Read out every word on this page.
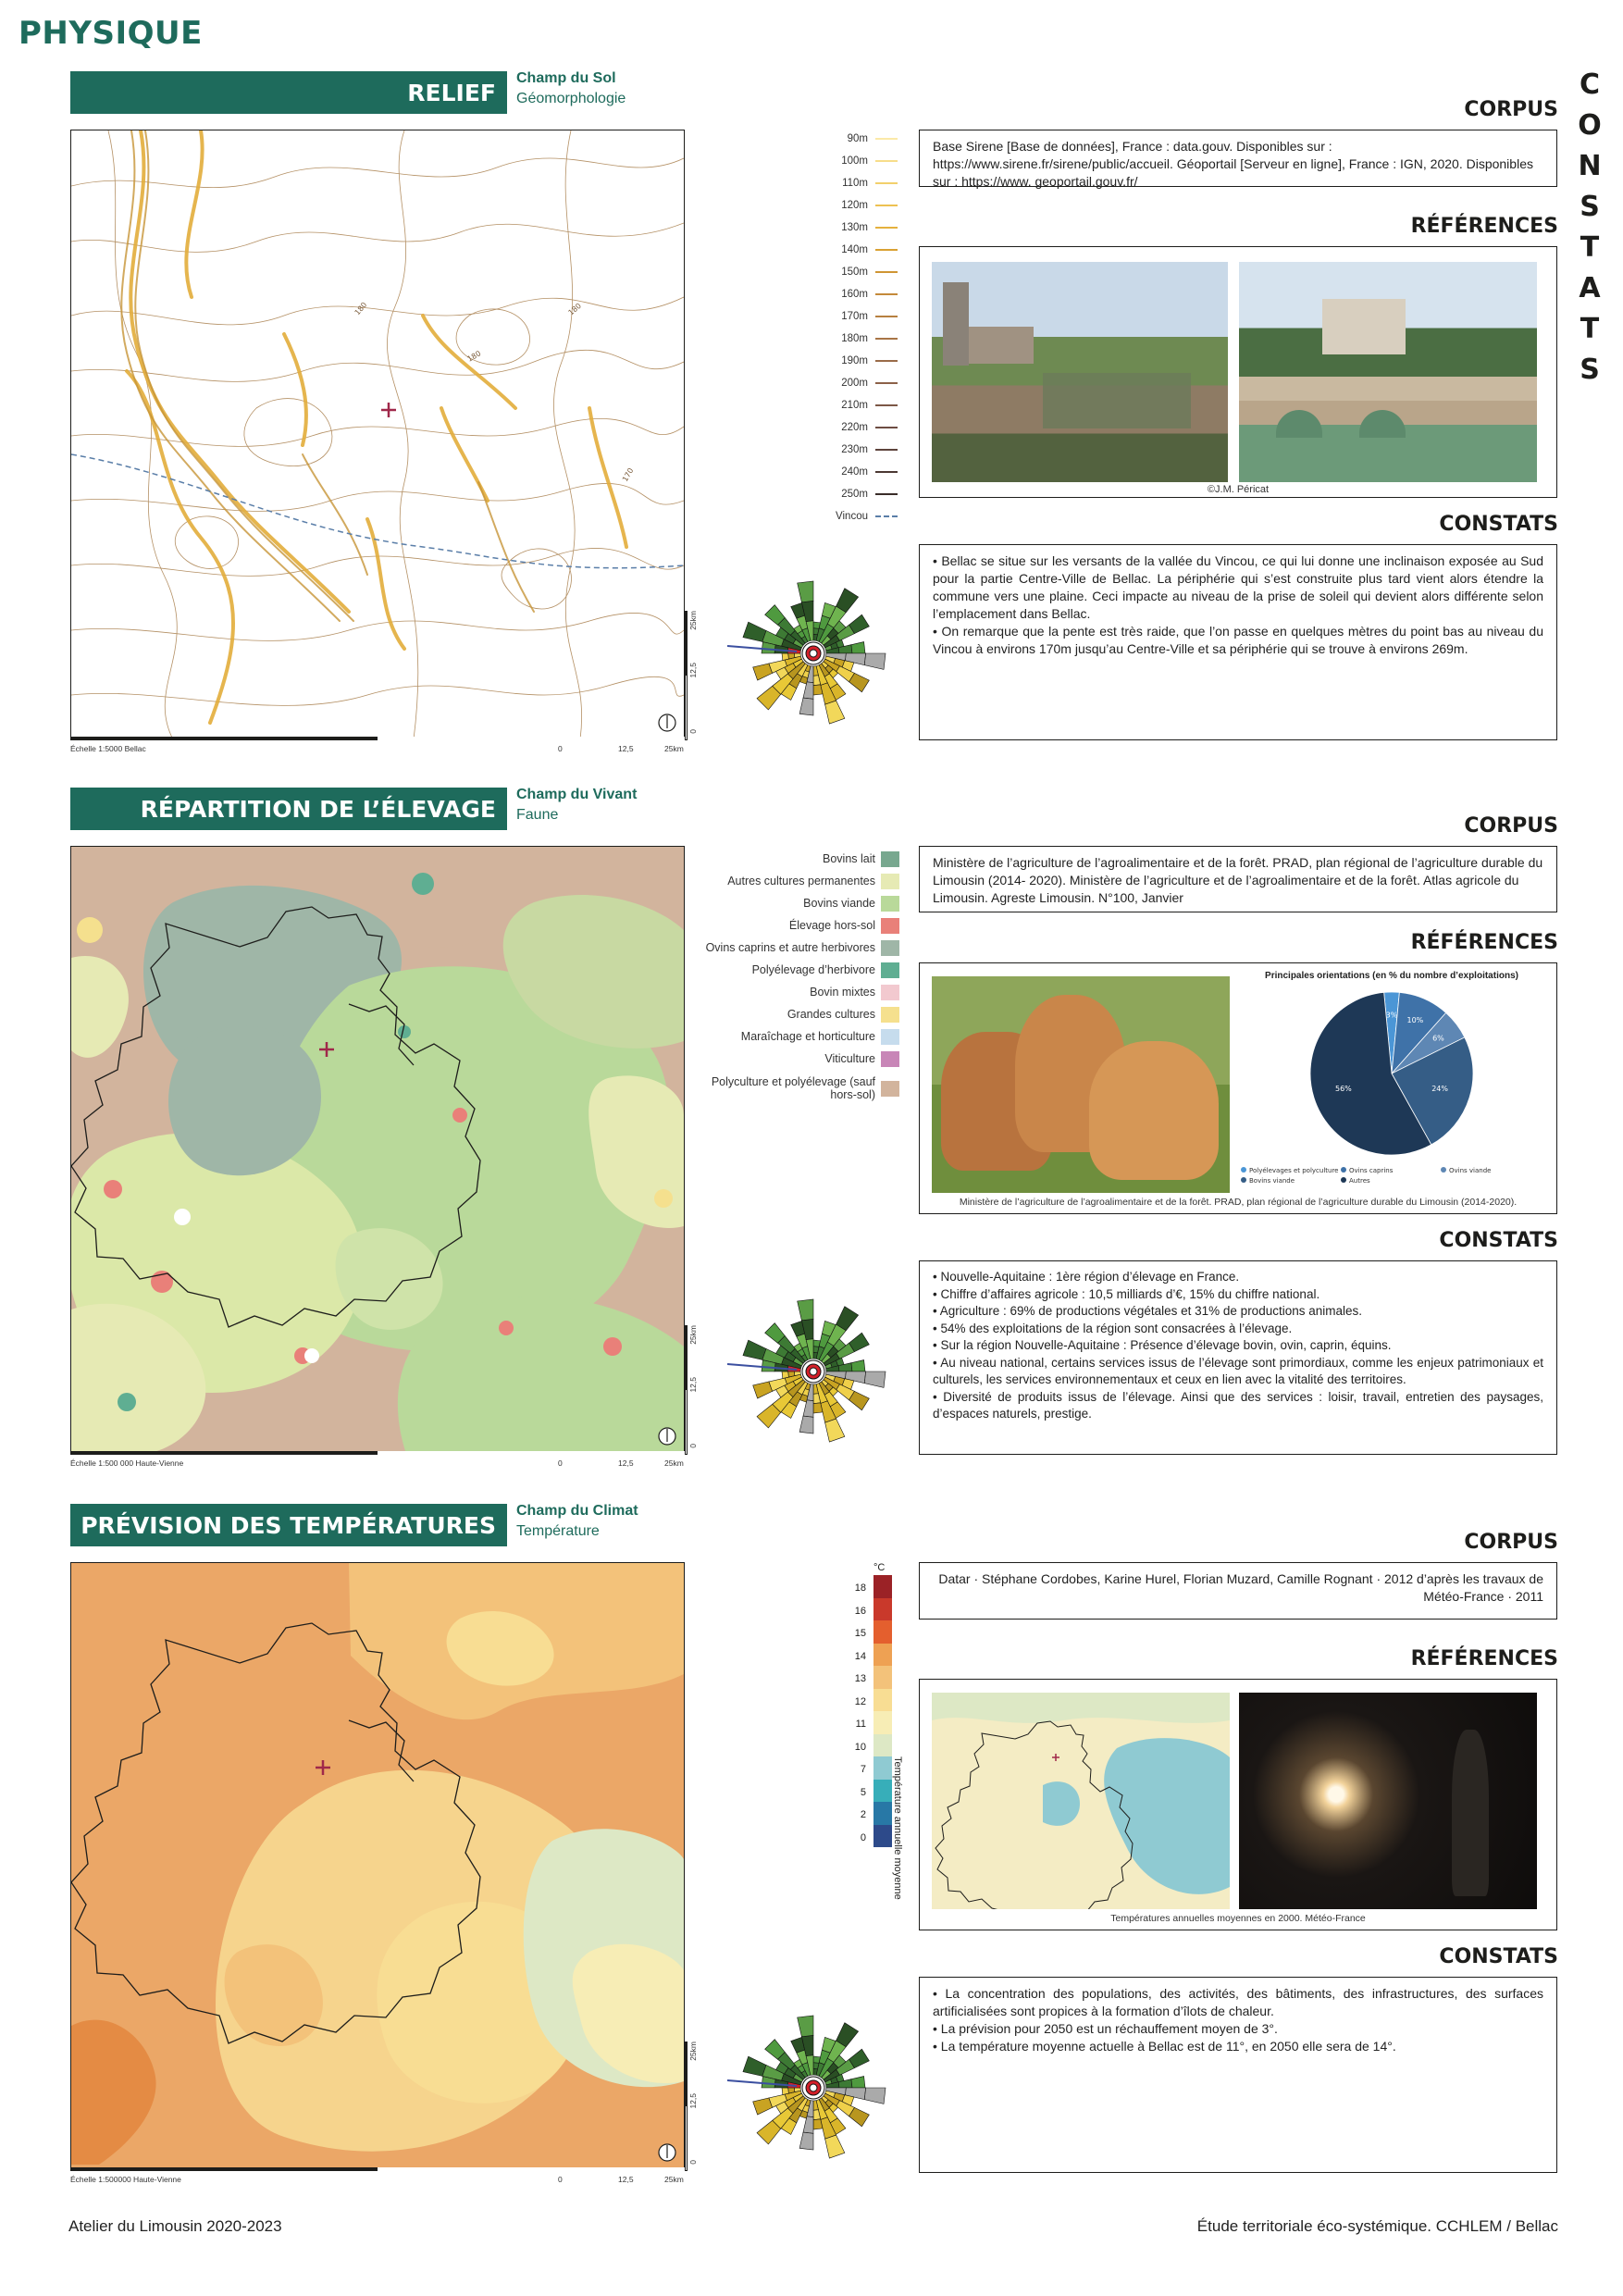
PHYSIQUE
C
O
N
S
T
A
T
S
RELIEF
Champ du Sol
Géomorphologie
180
180
180
170
25km
12,5
0
Échelle 1:5000 Bellac	0	12,5	25km
90m
100m
110m
120m
130m
140m
150m
160m
170m
180m
190m
200m
210m
220m
230m
240m
250m
Vincou
CORPUS
Base Sirene [Base de données], France : data.gouv. Disponibles sur : https://www.sirene.fr/sirene/public/accueil. Géoportail [Serveur en ligne], France : IGN, 2020. Disponibles sur : https://www. geoportail.gouv.fr/
RÉFÉRENCES
©J.M. Péricat
CONSTATS
• Bellac se situe sur les versants de la vallée du Vincou, ce qui lui donne une inclinaison exposée au Sud pour la partie Centre-Ville de Bellac. La périphérie qui s’est construite plus tard vient alors étendre la commune vers une plaine. Ceci impacte au niveau de la prise de soleil qui devient alors différente selon l’emplacement dans Bellac.
• On remarque que la pente est très raide, que l’on passe en quelques mètres du point bas au niveau du Vincou à environs 170m jusqu’au Centre-Ville et sa périphérie qui se trouve à environs 269m.
RÉPARTITION DE L’ÉLEVAGE
Champ du Vivant
Faune
25km
12,5
0
Échelle 1:500 000 Haute-Vienne	0	12,5	25km
Bovins lait
Autres cultures permanentes
Bovins viande
Élevage hors-sol
Ovins caprins et autre herbivores
Polyélevage d’herbivore
Bovin mixtes
Grandes cultures
Maraîchage et horticulture
Viticulture
Polyculture et polyélevage (sauf hors-sol)
CORPUS
Ministère de l’agriculture de l’agroalimentaire et de la forêt. PRAD, plan régional de l’agriculture durable du Limousin (2014- 2020). Ministère de l’agriculture et de l’agroalimentaire et de la forêt. Atlas agricole du Limousin. Agreste Limousin. N°100, Janvier
RÉFÉRENCES
Principales orientations (en % du nombre d’exploitations)
3%
10%
6%
24%
56%
Polyélevages et polyculture Ovins caprins	Ovins viande
Bovins viande	Autres
Ministère de l’agriculture de l’agroalimentaire et de la forêt. PRAD, plan régional de l’agriculture durable du Limousin (2014-2020).
CONSTATS
• Nouvelle-Aquitaine : 1ère région d’élevage en France.
• Chiffre d’affaires agricole : 10,5 milliards d’€, 15% du chiffre national.
• Agriculture : 69% de productions végétales et 31% de productions animales.
• 54% des exploitations de la région sont consacrées à l’élevage.
• Sur la région Nouvelle-Aquitaine : Présence d’élevage bovin, ovin, caprin, équins.
• Au niveau national, certains services issus de l’élevage sont primordiaux, comme les enjeux patrimoniaux et culturels, les services environnementaux et ceux en lien avec la vitalité des territoires.
• Diversité de produits issus de l’élevage. Ainsi que des services : loisir, travail, entretien des paysages, d’espaces naturels, prestige.
PRÉVISION DES TEMPÉRATURES
Champ du Climat
Température
25km
12,5
0
Échelle 1:500000 Haute-Vienne	0	12,5	25km
°C
18
16
15
14
13
12
11
10
7
5
2
0	Température annuelle moyenne
CORPUS
Datar · Stéphane Cordobes, Karine Hurel, Florian Muzard, Camille Rognant · 2012 d’après les travaux de Météo-France · 2011
RÉFÉRENCES
Températures annuelles moyennes en 2000. Météo-France
CONSTATS
• La concentration des populations, des activités, des bâtiments, des infrastructures, des surfaces artificialisées sont propices à la formation d’îlots de chaleur.
• La prévision pour 2050 est un réchauffement moyen de 3°.
• La température moyenne actuelle à Bellac est de 11°, en 2050 elle sera de 14°.
Atelier du Limousin 2020-2023	Étude territoriale éco-systémique. CCHLEM / Bellac
